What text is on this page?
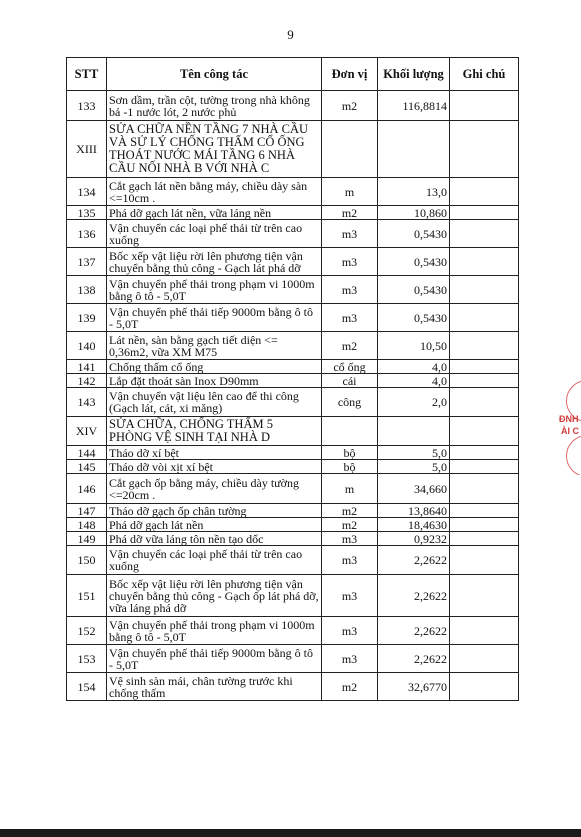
9
STT	Tên công tác	Đơn vị	Khối lượng	Ghi chú
133	Sơn dầm, trần cột, tường trong nhà không bả -1 nước lót, 2 nước phủ	m2	116,8814	
XIII	SỬA CHỮA NỀN TẦNG 7 NHÀ CẦU VÀ SỬ LÝ CHỐNG THẤM CỔ ỐNG THOÁT NƯỚC MÁI TẦNG 6 NHÀ CẦU NỐI NHÀ B VỚI NHÀ C			
134	Cắt gạch lát nền bằng máy, chiều dày sàn <=10cm .	m	13,0	
135	Phá dỡ gạch lát nền, vữa láng nền	m2	10,860	
136	Vận chuyển các loại phế thải từ trên cao xuống	m3	0,5430	
137	Bốc xếp vật liệu rời lên phương tiện vận chuyển bằng thủ công - Gạch lát phá dỡ	m3	0,5430	
138	Vận chuyển phế thải trong phạm vi 1000m bằng ô tô - 5,0T	m3	0,5430	
139	Vận chuyển phế thải tiếp 9000m bằng ô tô - 5,0T	m3	0,5430	
140	Lát nền, sàn bằng gạch tiết diện <= 0,36m2, vữa XM M75	m2	10,50	
141	Chống thấm cổ ống	cổ ống	4,0	
142	Lắp đặt thoát sàn Inox D90mm	cái	4,0	
143	Vận chuyển vật liệu lên cao để thi công (Gạch lát, cát, xi măng)	công	2,0	
XIV	SỬA CHỮA, CHỐNG THẤM 5 PHÒNG VỆ SINH TẠI NHÀ D			
144	Tháo dỡ xí bệt	bộ	5,0	
145	Tháo dỡ vòi xịt xí bệt	bộ	5,0	
146	Cắt gạch ốp bằng máy, chiều dày tường <=20cm .	m	34,660	
147	Tháo dỡ gạch ốp chân tường	m2	13,8640	
148	Phá dỡ gạch lát nền	m2	18,4630	
149	Phá dỡ vữa láng tôn nền tạo dốc	m3	0,9232	
150	Vận chuyển các loại phế thải từ trên cao xuống	m3	2,2622	
151	Bốc xếp vật liệu rời lên phương tiện vận chuyển bằng thủ công - Gạch ốp lát phá dỡ, vữa láng phá dỡ	m3	2,2622	
152	Vận chuyển phế thải trong phạm vi 1000m bằng ô tô - 5,0T	m3	2,2622	
153	Vận chuyển phế thải tiếp 9000m bằng ô tô - 5,0T	m3	2,2622	
154	Vệ sinh sàn mái, chân tường trước khi chống thấm	m2	32,6770	
ĐNH
ÀI C
